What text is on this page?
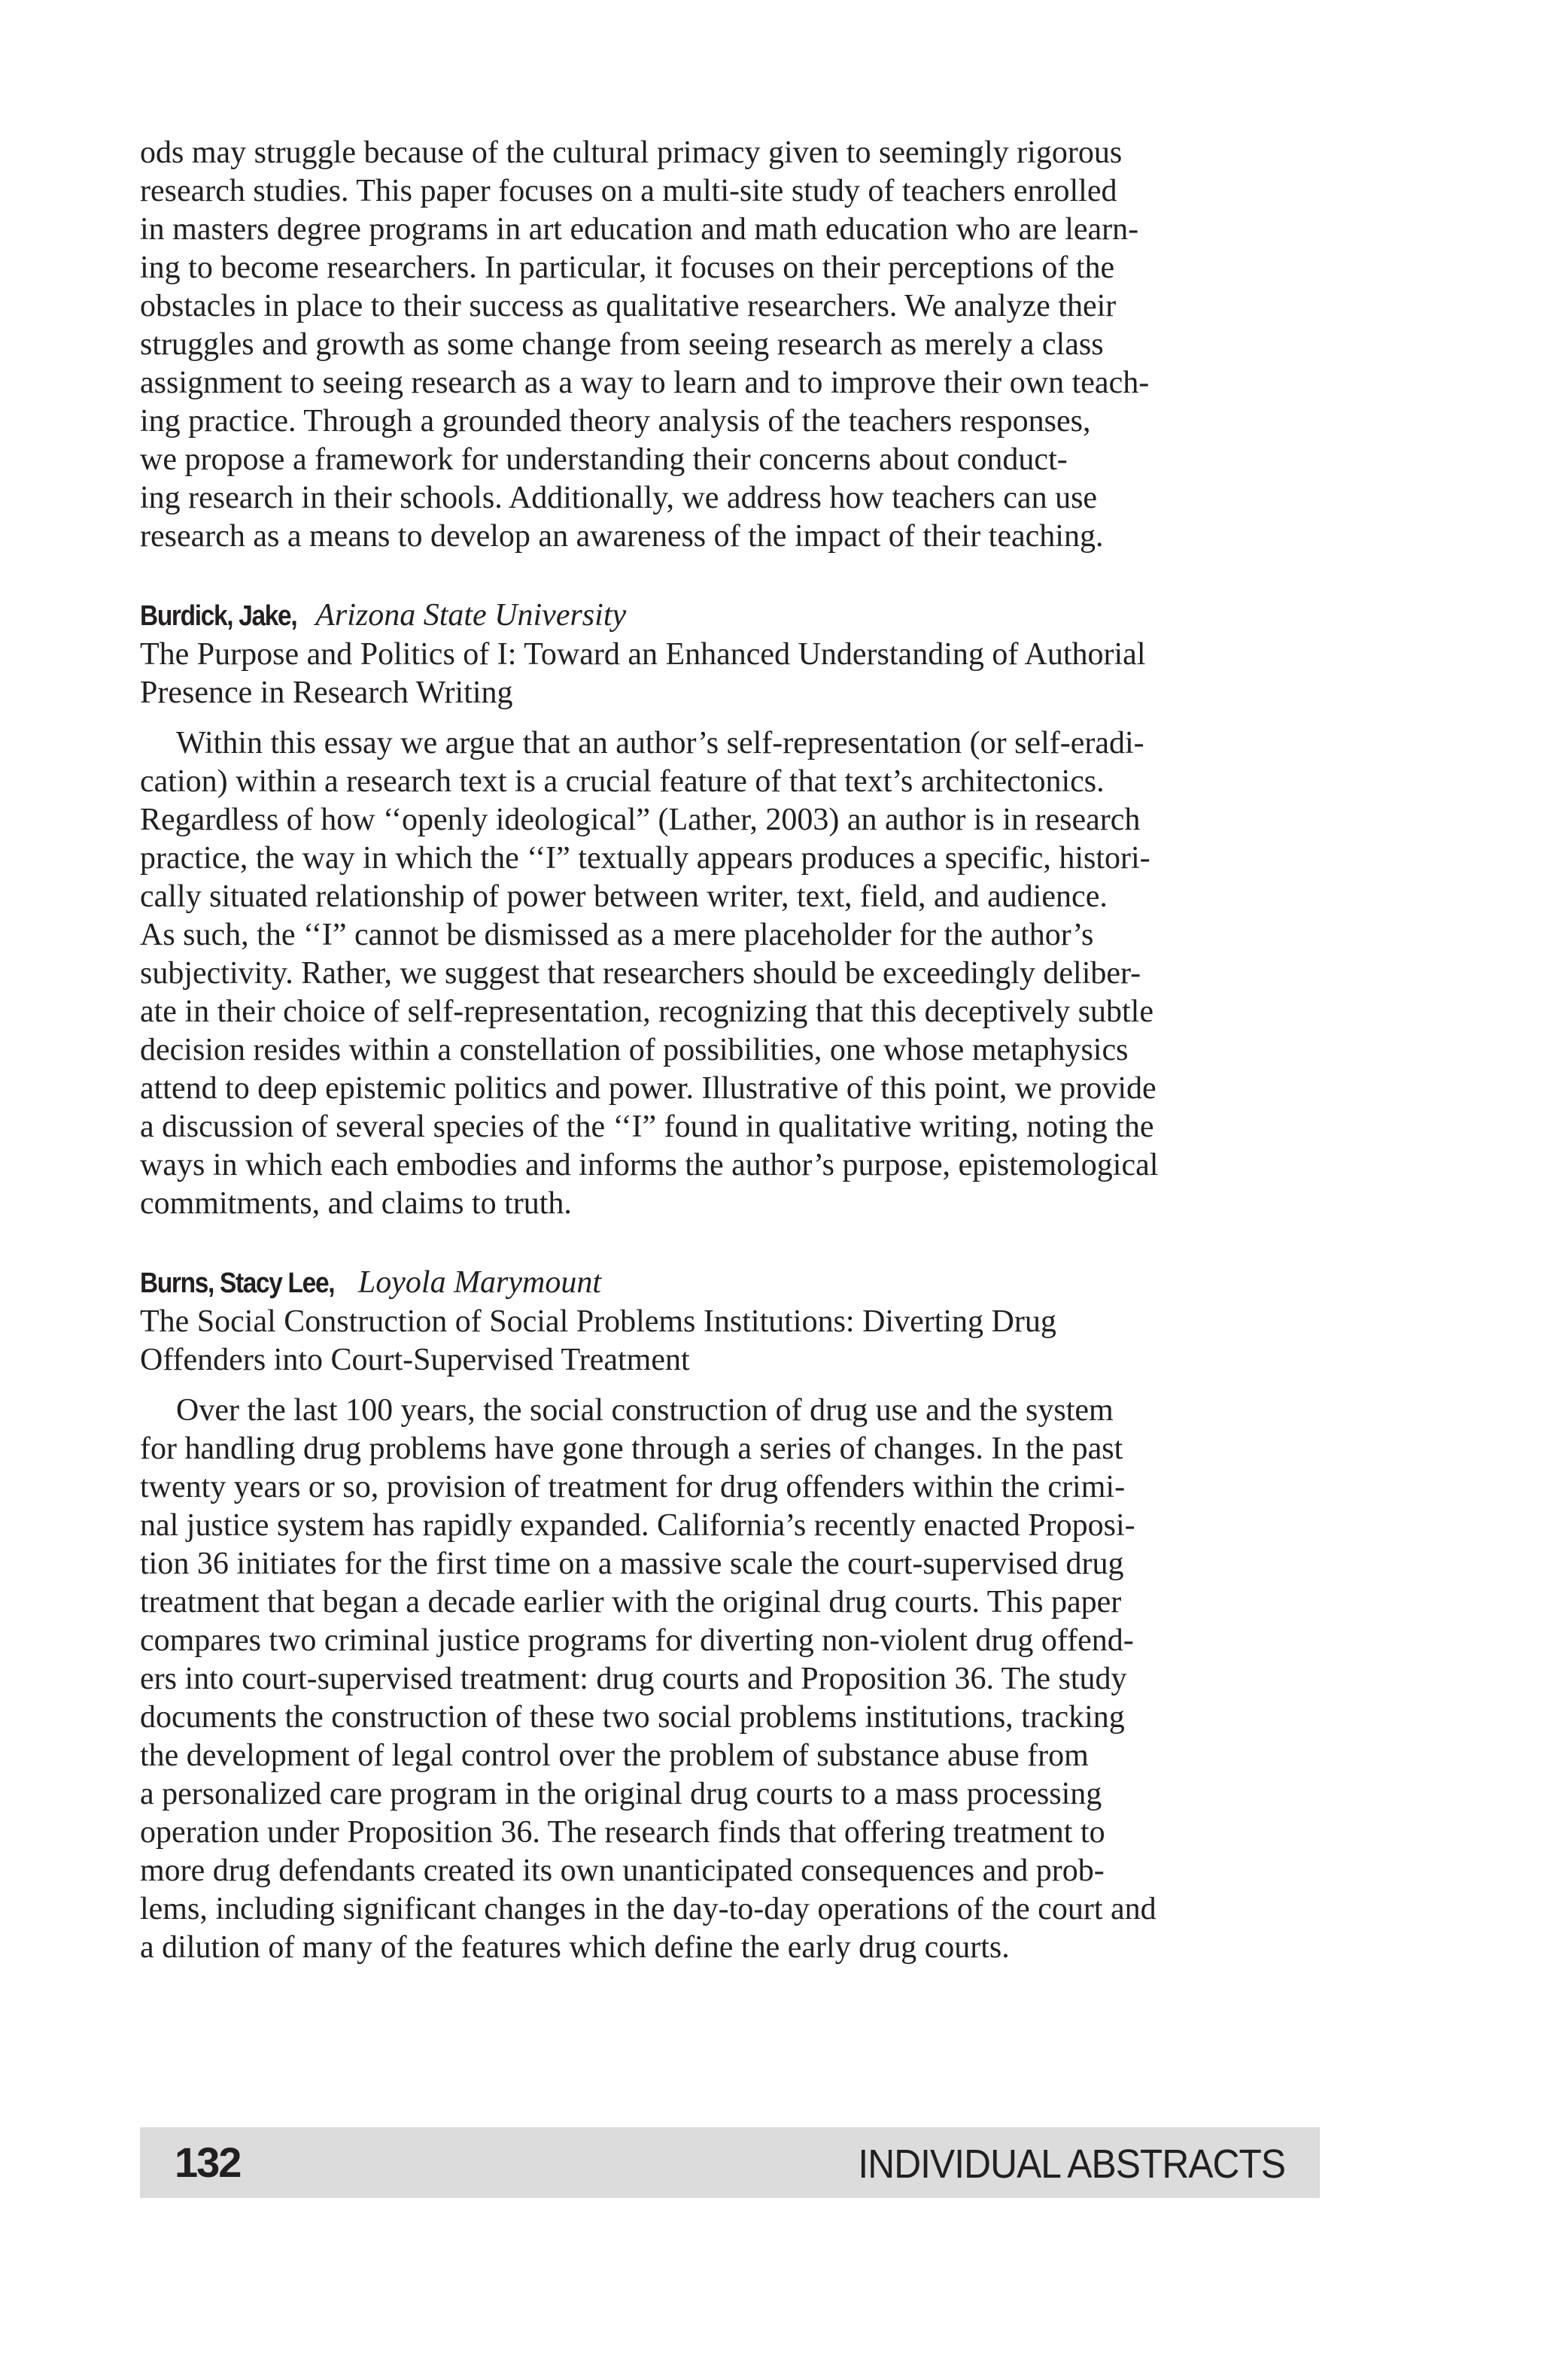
ods may struggle because of the cultural primacy given to seemingly rigorous
research studies. This paper focuses on a multi-site study of teachers enrolled
in masters degree programs in art education and math education who are learn-
ing to become researchers. In particular, it focuses on their perceptions of the
obstacles in place to their success as qualitative researchers. We analyze their
struggles and growth as some change from seeing research as merely a class
assignment to seeing research as a way to learn and to improve their own teach-
ing practice. Through a grounded theory analysis of the teachers responses,
we propose a framework for understanding their concerns about conduct-
ing research in their schools. Additionally, we address how teachers can use
research as a means to develop an awareness of the impact of their teaching.
Burdick, Jake, Arizona State University
The Purpose and Politics of I: Toward an Enhanced Understanding of Authorial
Presence in Research Writing
Within this essay we argue that an author’s self-representation (or self-eradi-
cation) within a research text is a crucial feature of that text’s architectonics.
Regardless of how ‘‘openly ideological” (Lather, 2003) an author is in research
practice, the way in which the ‘‘I” textually appears produces a specific, histori-
cally situated relationship of power between writer, text, field, and audience.
As such, the ‘‘I” cannot be dismissed as a mere placeholder for the author’s
subjectivity. Rather, we suggest that researchers should be exceedingly deliber-
ate in their choice of self-representation, recognizing that this deceptively subtle
decision resides within a constellation of possibilities, one whose metaphysics
attend to deep epistemic politics and power. Illustrative of this point, we provide
a discussion of several species of the ‘‘I” found in qualitative writing, noting the
ways in which each embodies and informs the author’s purpose, epistemological
commitments, and claims to truth.
Burns, Stacy Lee, Loyola Marymount
The Social Construction of Social Problems Institutions: Diverting Drug
Offenders into Court-Supervised Treatment
Over the last 100 years, the social construction of drug use and the system
for handling drug problems have gone through a series of changes. In the past
twenty years or so, provision of treatment for drug offenders within the crimi-
nal justice system has rapidly expanded. California’s recently enacted Proposi-
tion 36 initiates for the first time on a massive scale the court-supervised drug
treatment that began a decade earlier with the original drug courts. This paper
compares two criminal justice programs for diverting non-violent drug offend-
ers into court-supervised treatment: drug courts and Proposition 36. The study
documents the construction of these two social problems institutions, tracking
the development of legal control over the problem of substance abuse from
a personalized care program in the original drug courts to a mass processing
operation under Proposition 36. The research finds that offering treatment to
more drug defendants created its own unanticipated consequences and prob-
lems, including significant changes in the day-to-day operations of the court and
a dilution of many of the features which define the early drug courts.
132	INDIVIDUAL ABSTRACTS
